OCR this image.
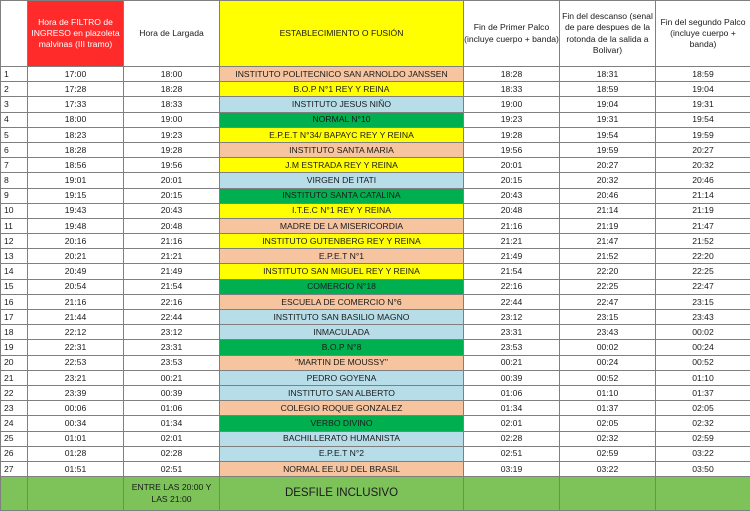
	Hora de FILTRO de INGRESO en plazoleta malvinas (III tramo)	Hora de Largada	ESTABLECIMIENTO O FUSIÓN	Fin de Primer Palco (incluye cuerpo + banda)	Fin del descanso (senal de pare despues de la rotonda de la salida a Bolivar)	Fin del segundo Palco (incluye cuerpo + banda)
1	17:00	18:00	INSTITUTO POLITECNICO SAN ARNOLDO JANSSEN	18:28	18:31	18:59
2	17:28	18:28	B.O.P N°1 REY Y REINA	18:33	18:59	19:04
3	17:33	18:33	INSTITUTO JESUS NIÑO	19:00	19:04	19:31
4	18:00	19:00	NORMAL N°10	19:23	19:31	19:54
5	18:23	19:23	E.P.E.T N°34/ BAPAYC REY Y REINA	19:28	19:54	19:59
6	18:28	19:28	INSTITUTO SANTA MARIA	19:56	19:59	20:27
7	18:56	19:56	J.M ESTRADA REY Y REINA	20:01	20:27	20:32
8	19:01	20:01	VIRGEN DE ITATI	20:15	20:32	20:46
9	19:15	20:15	INSTITUTO SANTA CATALINA	20:43	20:46	21:14
10	19:43	20:43	I.T.E.C N°1 REY Y REINA	20:48	21:14	21:19
11	19:48	20:48	MADRE DE LA MISERICORDIA	21:16	21:19	21:47
12	20:16	21:16	INSTITUTO GUTENBERG REY Y REINA	21:21	21:47	21:52
13	20:21	21:21	E.P.E.T N°1	21:49	21:52	22:20
14	20:49	21:49	INSTITUTO SAN MIGUEL REY Y REINA	21:54	22:20	22:25
15	20:54	21:54	COMERCIO N°18	22:16	22:25	22:47
16	21:16	22:16	ESCUELA DE COMERCIO N°6	22:44	22:47	23:15
17	21:44	22:44	INSTITUTO SAN BASILIO MAGNO	23:12	23:15	23:43
18	22:12	23:12	INMACULADA	23:31	23:43	00:02
19	22:31	23:31	B.O.P N°8	23:53	00:02	00:24
20	22:53	23:53	"MARTIN DE MOUSSY"	00:21	00:24	00:52
21	23:21	00:21	PEDRO GOYENA	00:39	00:52	01:10
22	23:39	00:39	INSTITUTO SAN ALBERTO	01:06	01:10	01:37
23	00:06	01:06	COLEGIO ROQUE GONZALEZ	01:34	01:37	02:05
24	00:34	01:34	VERBO DIVINO	02:01	02:05	02:32
25	01:01	02:01	BACHILLERATO HUMANISTA	02:28	02:32	02:59
26	01:28	02:28	E.P.E.T N°2	02:51	02:59	03:22
27	01:51	02:51	NORMAL EE.UU DEL BRASIL	03:19	03:22	03:50
		ENTRE LAS 20:00 Y LAS 21:00	DESFILE INCLUSIVO			
